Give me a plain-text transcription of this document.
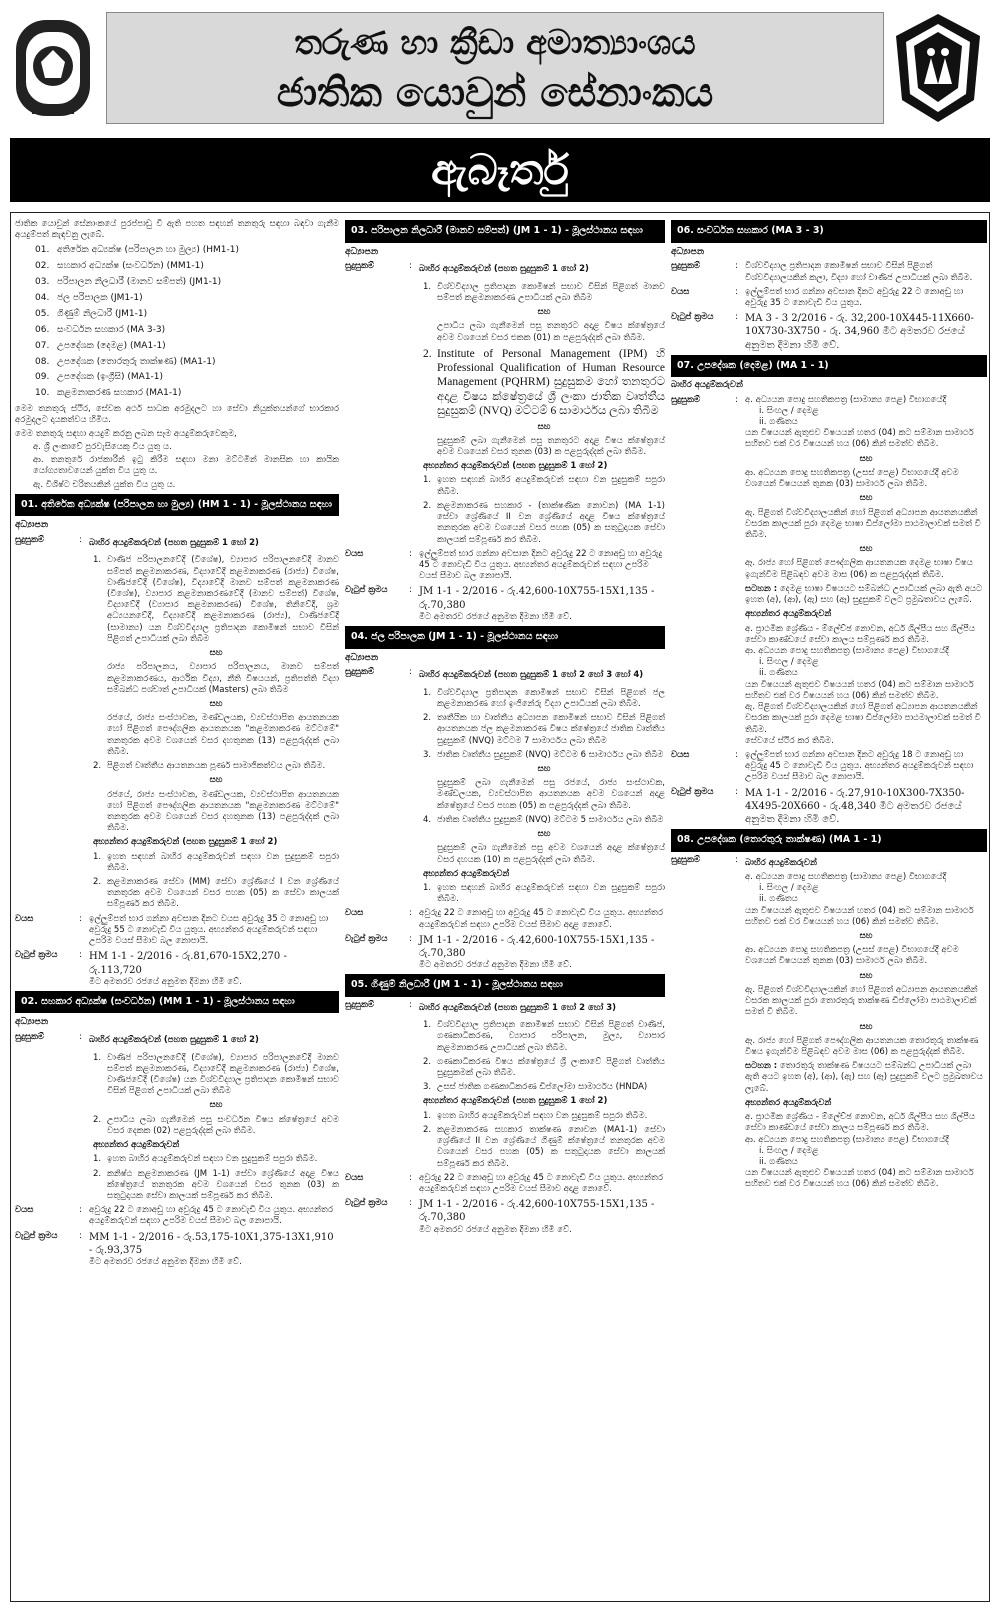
තරුණ හා ක්‍රීඩා අමාත්‍යාංශය
ජාතික යොවුන් සේනාංකය
ඇබෑර්තු
ජාතික යොවුන් සේනාංකයේ පුරප්පාඩු වී ඇති පහත සඳහන් තනතුරු සඳහා බඳවා ගැනීම අයදුම්පත් කැඳවනු ලැබේ.
01. අතිරේක අධ්‍යක්ෂ (පරිපාලන හා මුල්‍ය) (HM1-1)
02. සහකාර අධ්‍යක්ෂ (සංවර්ධන) (MM1-1)
03. පරිපාලන නිලධාරී (මානව සම්පත්) (JM1-1)
04. ජල පරිපාලක (JM1-1)
05. ගිණුම් නිලධාරී (JM1-1)
06. සංවර්ධන සහකාර (MA 3-3)
07. උපදේශක (දෙමළ) (MA1-1)
08. උපදේශක (තොරතුරු තාක්ෂණ) (MA1-1)
09. උපදේශක (ඉංග්‍රීසි) (MA1-1)
10. කළමනාකරණ සහකාර (MA1-1)
මෙම තනතුරු ස්ථිර, සේවක අර්ථ සාධක අරමුදලට හා සේවා නියුක්තයන්ගේ භාරකාර අරමුදලට දායකත්වය හිමිය.
මෙම තනතුරු සඳහා අයදුම් කරනු ලබන සෑම අයදුම්කරුවෙකුම,
අ. ශ්‍රී ලංකාවේ පුරවැසියෙකු විය යුතු ය.
ආ. තනතුරේ රාජකාරීන් ඉටු කිරීම සඳහා මනා මට්ටමින් මානසික හා කායික යෝග්‍යතාවයෙන් යුක්ත විය යුතු ය.
ඇ. විශිෂ්ට චරිතයකින් යුක්ත විය යුතු ය.
01. අතිරේක අධ්‍යක්ෂ (පරිපාලන හා මුල්‍ය) (HM 1 - 1) - මූලස්ථානය සඳහා
අධ්‍යාපන
සුදුසුකම්	: බාහිර අයදුම්කරුවන් (පහත සුදුසුකම් 1 හෝ 2)
1. වාණිජ පරිපාලනවේදී (විශේෂ), ව්‍යාපාර පරිපාලනවේදී මානව සම්පත් කළමනාකරණ, විද්‍යාවේදී කළමනාකරණ (රාජ්‍ය) විශේෂ, වාණිජවේදී (විශේෂ), විද්‍යාවේදී මානව සම්පත් කළමනාකරණ (විශේෂ), ව්‍යාපාර කළමනාකරණවේදී (මානව සම්පත්) විශේෂ, විද්‍යාවේදී (ව්‍යාපාර කළමනාකරණ) විශේෂ, තිනිවේදී, ශ්‍රම අධ්‍යයනවේදී, විද්‍යාවේදී කළමනාකරණ (රාජ්‍ය), වාණිජවේදී (සාමාන්‍ය) යන විශ්වවිද්‍යාල ප්‍රතිපාදන කොමිෂන් සභාව විසින් පිළිගත් උපාධියක් ලබා තිබීම
සහ
රාජ්‍ය පරිපාලනය, ව්‍යාපාර පරිපාලනය, මානව සම්පත් කළමනාකරණය, ආර්ථික විද්‍යා, නීති විෂයයන්, ප්‍රතිපත්ති විද්‍යා සම්බන්ධ පශ්චාත් උපාධියක් (Masters) ලබා තිබීම
සහ
රජයේ, රාජ්‍ය සංස්ථාවක, මණ්ඩලයක, ව්‍යවස්ථාපිත ආයතනයක හෝ පිළිගත් පෞද්ගලික ආයතනයක "කළමනාකරණ මට්ටමේ" තනතුරක අවම වශයෙන් වසර දහතුනක (13) පළපුරුද්දක් ලබා තිබීම.
2. පිළිගත් වෘත්තීය ආයතනයක පූර්ණ සාමාජිකත්වය ලබා තිබීම.
සහ
රජයේ, රාජ්‍ය සංස්ථාවක, මණ්ඩලයක, ව්‍යවස්ථාපිත ආයතනයක හෝ පිළිගත් පෞද්ගලික ආයතනයක "කළමනාකරණ මට්ටමේ" තනතුරක අවම වශයෙන් වසර දහතුනක (13) පළපුරුද්දක් ලබා තිබීම.
අභ්‍යන්තර අයදුම්කරුවන් (පහත සුදුසුකම් 1 හෝ 2)
1. ඉහත සඳහන් බාහිර අයදුම්කරුවන් සඳහා වන සුදුසුකම් සපුරා තිබීම.
2. කළමනාකරණ සේවා (MM) සේවා ශ්‍රේණියේ I වන ශ්‍රේණියේ තනතුරක අවම වශයෙන් වසර පහක (05) ක සේවා කාලයක් සම්පූර්ණ කර තිබීම.
වයස	: ඉල්ලුම්පත් භාර ගන්නා අවසාන දිනට වයස අවුරුදු 35 ට නොඅඩු හා අවුරුදු 55 ට නොවැඩි විය යුතුය. අභ්‍යන්තර අයදුම්කරුවන් සඳහා උපරිම වයස් සීමාව බල නොපායි.
වැටුප් ක්‍රමය	: HM 1-1 - 2/2016 - රු.81,670-15X2,270 - රු.113,720
මීට අමතරව රජයේ අනුමත දීමනා හිමි වේ.
02. සහකාර අධ්‍යක්ෂ (සංවර්ධන) (MM 1 - 1) - මූලස්ථානය සඳහා
අධ්‍යාපන
සුදුසුකම්	: බාහිර අයදුම්කරුවන් (පහත සුදුසුකම් 1 හෝ 2)
1. වාණිජ පරිපාලනවේදී (විශේෂ), ව්‍යාපාර පරිපාලනවේදී මානව සම්පත් කළමනාකරණ, විද්‍යාවේදී කළමනාකරණ (රාජ්‍ය) විශේෂ, වාණිජවේදී (විශේෂ) යන විශ්වවිද්‍යාල ප්‍රතිපාදන කොමිෂන් සභාව විසින් පිළිගත් උපාධියක් ලබා තිබීම
සහ
2. උපාධිය ලබා ගැනීමෙන් පසු සංවර්ධන විෂය ක්ෂේත්‍රයේ අවම වසර දෙකක (02) පළපුරුද්දක් ලබා තිබීම.
අභ්‍යන්තර අයදුම්කරුවන්
1. ඉහත බාහිර අයදුම්කරුවන් සඳහා වන සුදුසුකම් සපුරා තිබීම.
2. කනිෂ්ඨ කළමනාකරණ (JM 1-1) සේවා ශ්‍රේණියේ අදාළ විෂය ක්ෂේත්‍රයේ තනතුරක අවම වශයෙන් වසර තුනක (03) ක සතුටුදායක සේවා කාලයක් සම්පූර්ණ කර තිබීම.
වයස	: අවුරුදු 22 ට නොඅඩු හා අවුරුදු 45 ට නොවැඩි විය යුතුය. අභ්‍යන්තර අයදුම්කරුවන් සඳහා උපරිම වයස් සීමාව බල නොපායි.
වැටුප් ක්‍රමය	: MM 1-1 - 2/2016 - රු.53,175-10X1,375-13X1,910 - රු.93,375
මීට අමතරව රජයේ අනුමත දීමනා හිමි වේ.
03. පරිපාලන නිලධාරී (මානව සම්පත්) (JM 1 - 1) - මූලස්ථානය සඳහා
අධ්‍යාපන
සුදුසුකම්	: බාහිර අයදුම්කරුවන් (පහත සුදුසුකම් 1 හෝ 2)
1. විශ්වවිද්‍යාල ප්‍රතිපාදන කොමිෂන් සභාව විසින් පිළිගත් මානව සම්පත් කළමනාකරණ උපාධියක් ලබා තිබීම
සහ
උපාධිය ලබා ගැනීමෙන් පසු තනතුරට අදාළ විෂය ක්ෂේත්‍රයේ අවම වශයෙන් වසර එකක (01) ක පළපුරුද්දක් ලබා තිබීම.
2. Institute of Personal Management (IPM) හි Professional Qualification of Human Resource Management (PQHRM) සුදුසුකම හෝ තනතුරට අදාළ විෂය ක්ෂේත්‍රයේ ශ්‍රී ලංකා ජාතික වෘත්තීය සුදුසුකම් (NVQ) මට්ටම් 6 සාමාර්ථය ලබා තිබීම
සහ
සුදුසුකම් ලබා ගැනීමෙන් පසු තනතුරට අදාළ විෂය ක්ෂේත්‍රයේ අවම වශයෙන් වසර තුනක (03) ක පළපුරුද්දක් ලබා තිබීම.
අභ්‍යන්තර අයදුම්කරුවන් (පහත සුදුසුකම් 1 හෝ 2)
1. ඉහත සඳහන් බාහිර අයදුම්කරුවන් සඳහා වන සුදුසුකම් සපුරා තිබීම.
2. කළමනාකරණ සහකාර - (තාක්ෂණික නොවන) (MA 1-1) සේවා ශ්‍රේණියේ II වන ශ්‍රේණියේ අදාළ විෂය ක්ෂේත්‍රයේ තනතුරක අවම වශයෙන් වසර පහක (05) ක සතුටුදායක සේවා කාලයක් සම්පූර්ණ කර තිබීම.
වයස	: ඉල්ලුම්පත් භාර ගන්නා අවසාන දිනට අවුරුදු 22 ට නොඅඩු හා අවුරුදු 45 ට නොවැඩි විය යුතුය. අභ්‍යන්තර අයදුම්කරුවන් සඳහා උපරිම වයස් සීමාව බල නොපායි.
වැටුප් ක්‍රමය	: JM 1-1 - 2/2016 - රු.42,600-10X755-15X1,135 - රු.70,380
මීට අමතරව රජයේ අනුමත දීමනා හිමි වේ.
04. ජල පරිපාලක (JM 1 - 1) - මූලස්ථානය සඳහා
අධ්‍යාපන
සුදුසුකම්	: බාහිර අයදුම්කරුවන් (පහත සුදුසුකම් 1 හෝ 2 හෝ 3 හෝ 4)
1. විශ්වවිද්‍යාල ප්‍රතිපාදන කොමිෂන් සභාව විසින් පිළිගත් ජල කළමනාකරණ හෝ ඉංජිනේරු විද්‍යා උපාධියක් ලබා තිබීම.
2. තෘතීයික හා වෘත්තීය අධ්‍යාපන කොමිෂන් සභාව විසින් පිළිගත් ආයතනයක ජල කළමනාකරණ විෂය ක්ෂේත්‍රයේ ජාතික වෘත්තීය සුදුසුකම් (NVQ) මට්ටම 7 සාමාර්ථය ලබා තිබීම
3. ජාතික වෘත්තීය සුදුසුකම් (NVQ) මට්ටම 6 සාමාර්ථය ලබා තිබීම
සහ
සුදුසුකම් ලබා ගැනීමෙන් පසු රජයේ, රාජ්‍ය සංස්ථාවක, මණ්ඩලයක, ව්‍යවස්ථාපිත ආයතනයක අවම වශයෙන් අදාළ ක්ෂේත්‍රයේ වසර පහක (05) ක පළපුරුද්දක් ලබා තිබීම.
4. ජාතික වෘත්තීය සුදුසුකම් (NVQ) මට්ටම 5 සාමාර්ථය ලබා තිබීම
සහ
සුදුසුකම් ලබා ගැනීමෙන් පසු අවම වශයෙන් අදාළ ක්ෂේත්‍රයේ වසර දහයක (10) ක පළපුරුද්දක් ලබා තිබීම.
අභ්‍යන්තර අයදුම්කරුවන්
1. ඉහත සඳහන් බාහිර අයදුම්කරුවන් සඳහා වන සුදුසුකම් සපුරා තිබීම.
වයස	: අවුරුදු 22 ට නොඅඩු හා අවුරුදු 45 ට නොවැඩි විය යුතුය. අභ්‍යන්තර අයදුම්කරුවන් සඳහා උපරිම වයස් සීමාව අදාළ නොවේ.
වැටුප් ක්‍රමය	: JM 1-1 - 2/2016 - රු.42,600-10X755-15X1,135 - රු.70,380
මීට අමතරව රජයේ අනුමත දීමනා හිමි වේ.
05. ගිණුම් නිලධාරී (JM 1 - 1) - මූලස්ථානය සඳහා
සුදුසුකම්	: බාහිර අයදුම්කරුවන් (පහත සුදුසුකම් 1 හෝ 2 හෝ 3)
1. විශ්වවිද්‍යාල ප්‍රතිපාදන කොමිෂන් සභාව විසින් පිළිගත් වාණිජ, ගණකාධිකරණ, ව්‍යාපාර පරිපාලන, මුල්‍ය, ව්‍යාපාර කළමනාකරණ උපාධියක් ලබා තිබීම.
2. ගණකාධිකරණ විෂය ක්ෂේත්‍රයේ ශ්‍රී ලංකාවේ පිළිගත් වෘත්තීය සුදුසුකමක් ලබා තිබීම.
3. උසස් ජාතික ගණකාධිකරණ ඩිප්ලෝමා සාමාර්ථය (HNDA)
අභ්‍යන්තර අයදුම්කරුවන් (පහත සුදුසුකම් 1 හෝ 2)
1. ඉහත බාහිර අයදුම්කරුවන් සඳහා වන සුදුසුකම් සපුරා තිබීම.
2. කළමනාකරණ සහකාර තාක්ෂණ නොවන (MA1-1) සේවා ශ්‍රේණියේ II වන ශ්‍රේණියේ ගිණුම් ක්ෂේත්‍රයේ තනතුරක අවම වශයෙන් වසර පහක (05) ක සතුටුදායක සේවා කාලයක් සම්පූර්ණ කර තිබීම.
වයස	: අවුරුදු 22 ට නොඅඩු හා අවුරුදු 45 ට නොවැඩි විය යුතුය. අභ්‍යන්තර අයදුම්කරුවන් සඳහා උපරිම වයස් සීමාව අදාළ නොවේ.
වැටුප් ක්‍රමය	: JM 1-1 - 2/2016 - රු.42,600-10X755-15X1,135 - රු.70,380
මීට අමතරව රජයේ අනුමත දීමනා හිමි වේ.
06. සංවර්ධන සහකාර (MA 3 - 3)
අධ්‍යාපන
සුදුසුකම්	: විශ්වවිද්‍යාල ප්‍රතිපාදන කොමිෂන් සභාව විසින් පිළිගත් විශ්වවිද්‍යාලයකින් කලා, විද්‍යා හෝ වාණිජ උපාධියක් ලබා තිබීම.
වයස	: ඉල්ලුම්පත් භාර ගන්නා අවසාන දිනට අවුරුදු 22 ට නොඅඩු හා අවුරුදු 35 ට නොවැඩි විය යුතුය.
වැටුප් ක්‍රමය	: MA 3 - 3 2/2016 - රු. 32,200-10X445-11X660-10X730-3X750 - රු. 34,960 මීට අමතරව රජයේ අනුමත දීමනා හිමි වේ.
07. උපදේශක (දෙමළ) (MA 1 - 1)
බාහිර අයදුම්කරුවන්
සුදුසුකම්	: අ. අධ්‍යයන පොදු සහතිකපත්‍ර (සාමාන්‍ය පෙළ) විභාගයේදී
i. සිංහල / දෙමළ
ii. ගණිතය
යන විෂයයන් ඇතුළුව විෂයයන් හතර (04) කට සම්මාන සාමාර්ථ සහිතව එක් වර විෂයයන් හය (06) කින් සමත්ව තිබීම.
සහ
ආ. අධ්‍යයන පොදු සහතිකපත්‍ර (උසස් පෙළ) විභාගයේදී අවම වශයෙන් විෂයයන් තුනක (03) සාමාර්ථ ලබා තිබීම.
සහ
ඇ. පිළිගත් විශ්වවිද්‍යාලයකින් හෝ පිළිගත් අධ්‍යාපන ආයතනයකින් වසරක කාලයක් පුරා දෙමළ භාෂා ඩිප්ලෝමා පාඨමාලාවක් සමත් වී තිබීම.
සහ
ඈ. රාජ්‍ය හෝ පිළිගත් පෞද්ගලික ආයතනයක දෙමළ භාෂා විෂය ඉගැන්වීම පිළිබඳව අවම මාස (06) ක පළපුරුද්දක් තිබීම.
සටහන : දෙමළ භාෂා විෂයයට සම්බන්ධ උපාධියක් ලබා ඇති අයට ඉහත (අ), (ආ), (ඇ) සහ (ඈ) සුදුසුකම් වලට ප්‍රමුඛතාවය ලැබේ.
අභ්‍යන්තර අයදුම්කරුවන්
අ. ප්‍රාථමික ශ්‍රේණිය - ම්ලේච්ඡ නොවන, අර්ධ ශිල්පීය සහ ශිල්පීය සේවා කාණ්ඩයේ සේවා කාලය සම්පූර්ණ කර තිබීම.
ආ. අධ්‍යයන පොදු සහතිකපත්‍ර (සාමාන්‍ය පෙළ) විභාගයේදී
i. සිංහල / දෙමළ
ii. ගණිතය
යන විෂයයන් ඇතුළුව විෂයයන් හතර (04) කට සම්මාන සාමාර්ථ සහිතව එක් වර විෂයයන් හය (06) කින් සමත්ව තිබීම.
ඇ. පිළිගත් විශ්වවිද්‍යාලයකින් හෝ පිළිගත් අධ්‍යාපන ආයතනයකින් වසරක කාලයක් පුරා දෙමළ භාෂා ඩිප්ලෝමා පාඨමාලාවක් සමත් වී තිබීම.
සේවයේ ස්ථිර කර තිබීම.
වයස	: ඉල්ලුම්පත් භාර ගන්නා අවසාන දිනට අවුරුදු 18 ට නොඅඩු හා අවුරුදු 45 ට නොවැඩි විය යුතුය. අභ්‍යන්තර අයදුම්කරුවන් සඳහා උපරිම වයස් සීමාව බල නොපායි.
වැටුප් ක්‍රමය	: MA 1-1 - 2/2016 - රු.27,910-10X300-7X350-4X495-20X660 - රු.48,340 මීට අමතරව රජයේ අනුමත දීමනා හිමි වේ.
08. උපදේශක (තොරතුරු තාක්ෂණ) (MA 1 - 1)
සුදුසුකම්	: බාහිර අයදුම්කරුවන්
අ. අධ්‍යයන පොදු සහතිකපත්‍ර (සාමාන්‍ය පෙළ) විභාගයේදී
i. සිංහල / දෙමළ
ii. ගණිතය
යන විෂයයන් ඇතුළුව විෂයයන් හතර (04) කට සම්මාන සාමාර්ථ සහිතව එක් වර විෂයයන් හය (06) කින් සමත්ව තිබීම.
සහ
ආ. අධ්‍යයන පොදු සහතිකපත්‍ර (උසස් පෙළ) විභාගයේදී අවම වශයෙන් විෂයයන් තුනක (03) සාමාර්ථ ලබා තිබීම.
සහ
ඇ. පිළිගත් විශ්වවිද්‍යාලයකින් හෝ පිළිගත් අධ්‍යාපන ආයතනයකින් වසරක කාලයක් පුරා තොරතුරු තාක්ෂණ ඩිප්ලෝමා පාඨමාලාවක් සමත් වී තිබීම.
සහ
ඈ. රාජ්‍ය හෝ පිළිගත් පෞද්ගලික ආයතනයක තොරතුරු තාක්ෂණ විෂය ඉගැන්වීම පිළිබඳව අවම මාස (06) ක පළපුරුද්දක් තිබීම.
සටහන : තොරතුරු තාක්ෂණ විෂයයට සම්බන්ධ උපාධියක් ලබා ඇති අයට ඉහත (අ), (ආ), (ඇ) සහ (ඈ) සුදුසුකම් වලට ප්‍රමුඛතාවය ලැබේ.
අභ්‍යන්තර අයදුම්කරුවන්
අ. ප්‍රාථමික ශ්‍රේණිය - ම්ලේච්ඡ නොවන, අර්ධ ශිල්පීය සහ ශිල්පීය සේවා කාණ්ඩයේ සේවා කාලය සම්පූර්ණ කර තිබීම.
ආ. අධ්‍යයන පොදු සහතිකපත්‍ර (සාමාන්‍ය පෙළ) විභාගයේදී
i. සිංහල / දෙමළ
ii. ගණිතය
යන විෂයයන් ඇතුළුව විෂයයන් හතර (04) කට සම්මාන සාමාර්ථ සහිතව එක් වර විෂයයන් හය (06) කින් සමත්ව තිබීම.
